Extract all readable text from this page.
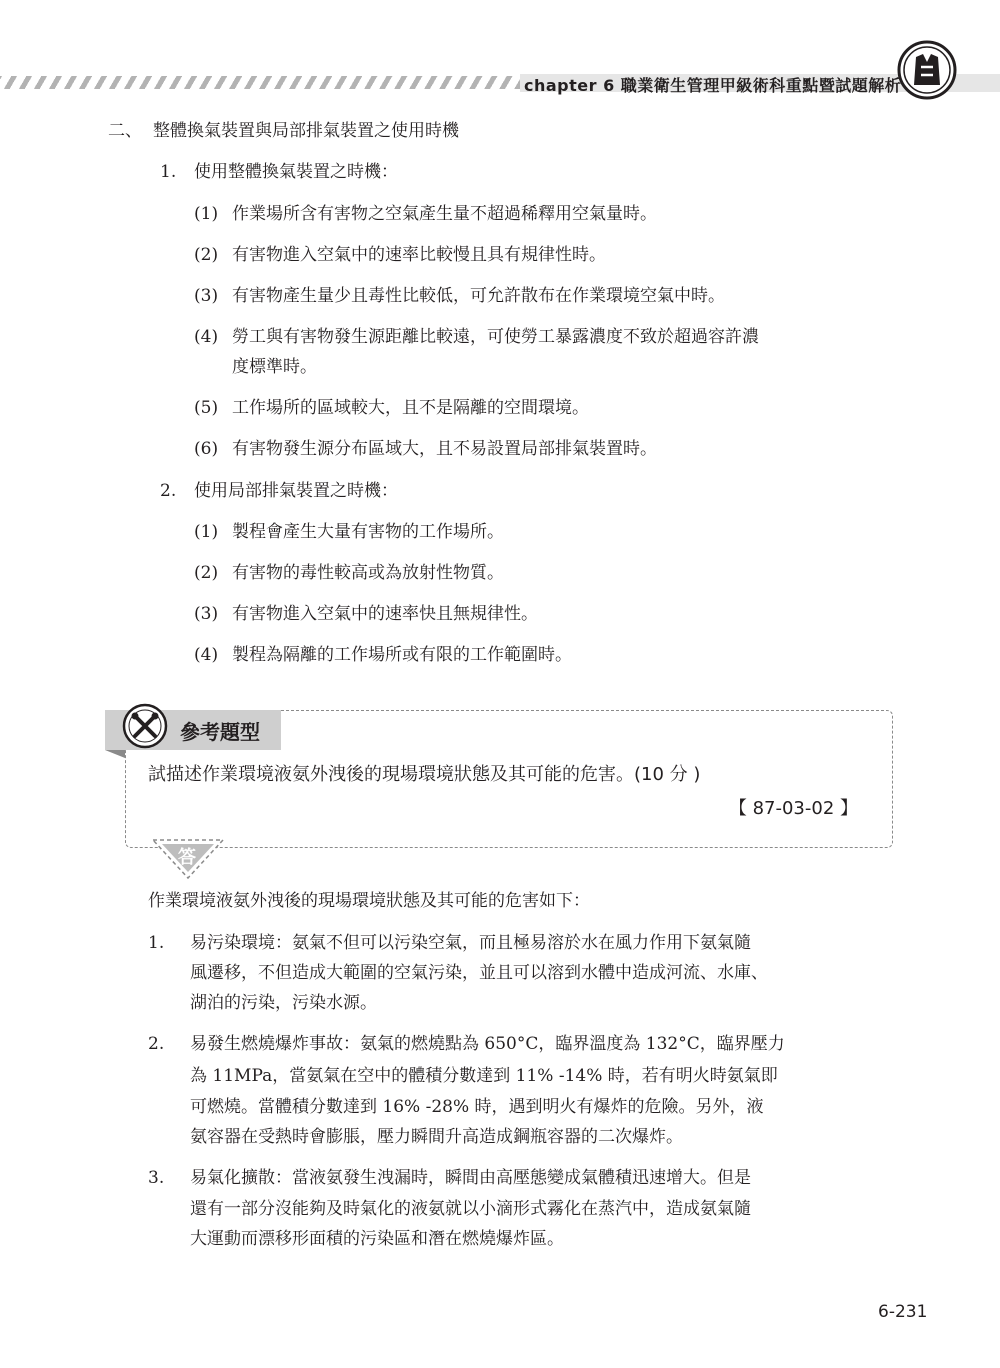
chapter 6 職業衛生管理甲級術科重點暨試題解析
二、 整體換氣裝置與局部排氣裝置之使用時機
1. 使用整體換氣裝置之時機：
(1) 作業場所含有害物之空氣產生量不超過稀釋用空氣量時。
(2) 有害物進入空氣中的速率比較慢且具有規律性時。
(3) 有害物產生量少且毒性比較低，可允許散布在作業環境空氣中時。
(4) 勞工與有害物發生源距離比較遠，可使勞工暴露濃度不致於超過容許濃
度標準時。
(5) 工作場所的區域較大，且不是隔離的空間環境。
(6) 有害物發生源分布區域大，且不易設置局部排氣裝置時。
2. 使用局部排氣裝置之時機：
(1) 製程會產生大量有害物的工作場所。
(2) 有害物的毒性較高或為放射性物質。
(3) 有害物進入空氣中的速率快且無規律性。
(4) 製程為隔離的工作場所或有限的工作範圍時。
參考題型
試描述作業環境液氨外洩後的現場環境狀態及其可能的危害。(10 分 )
【 87-03-02 】
答
作業環境液氨外洩後的現場環境狀態及其可能的危害如下：
1. 易污染環境：氨氣不但可以污染空氣，而且極易溶於水在風力作用下氨氣隨
風遷移，不但造成大範圍的空氣污染，並且可以溶到水體中造成河流、水庫、
湖泊的污染，污染水源。
2. 易發生燃燒爆炸事故：氨氣的燃燒點為 650°C，臨界溫度為 132°C，臨界壓力
為 11MPa，當氨氣在空中的體積分數達到 11% -14% 時，若有明火時氨氣即
可燃燒。當體積分數達到 16% -28% 時，遇到明火有爆炸的危險。另外，液
氨容器在受熱時會膨脹，壓力瞬間升高造成鋼瓶容器的二次爆炸。
3. 易氣化擴散：當液氨發生洩漏時，瞬間由高壓態變成氣體積迅速增大。但是
還有一部分沒能夠及時氣化的液氨就以小滴形式霧化在蒸汽中，造成氨氣隨
大運動而漂移形面積的污染區和潛在燃燒爆炸區。
6-231
